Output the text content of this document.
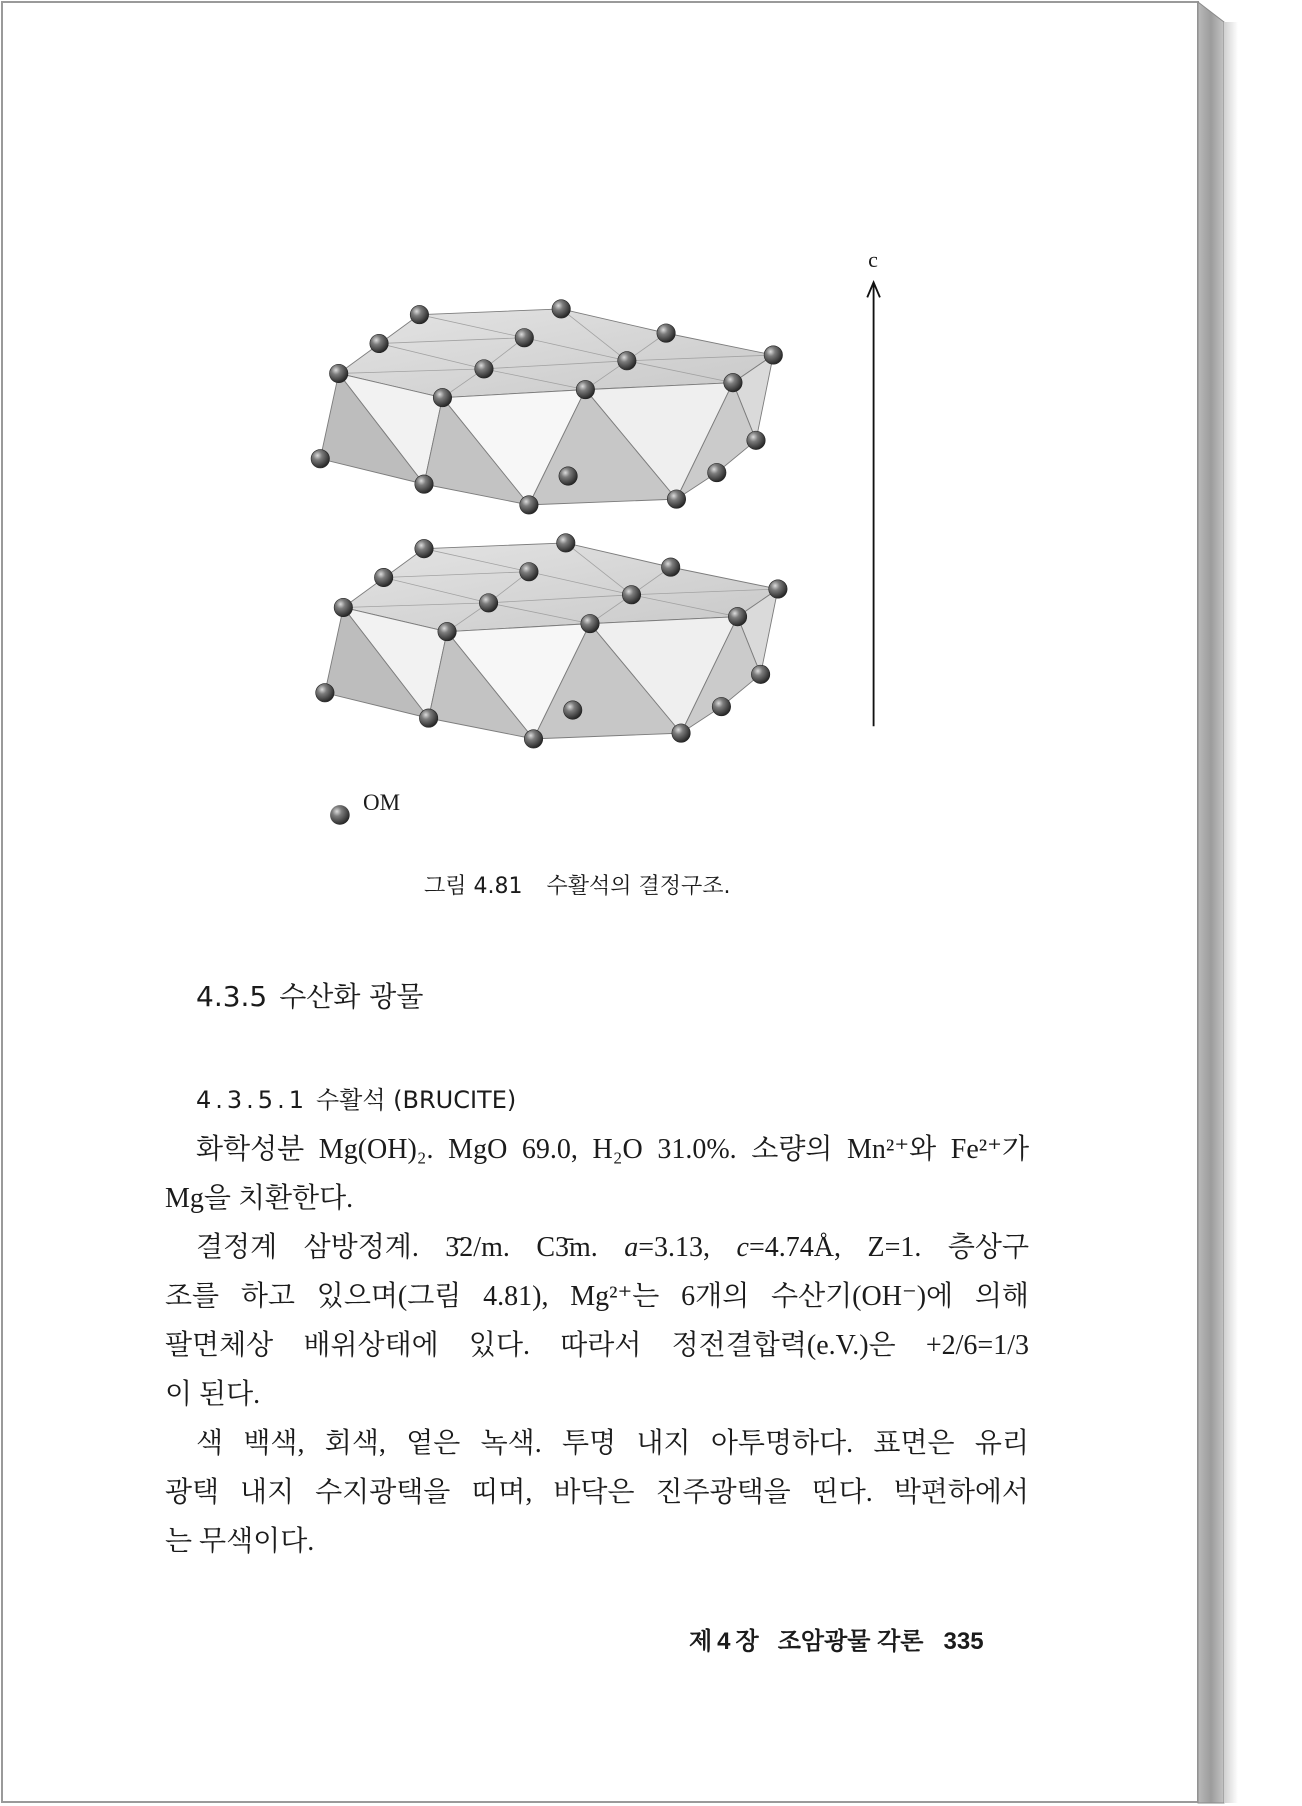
c
OM
그림 4.81 수활석의 결정구조.
4.3.5 수산화 광물
4.3.5.1 수활석 (BRUCITE)
화학성분 Mg(OH)₂. MgO 69.0, H₂O 31.0%. 소량의 Mn²⁺와 Fe²⁺가
Mg을 치환한다.
결정계 삼방정계. 3̄2/m. C3̄m. a=3.13, c=4.74Å, Z=1. 층상구
조를 하고 있으며(그림 4.81), Mg²⁺는 6개의 수산기(OH⁻)에 의해
팔면체상 배위상태에 있다. 따라서 정전결합력(e.V.)은 +2/6=1/3
이 된다.
색 백색, 회색, 옅은 녹색. 투명 내지 아투명하다. 표면은 유리
광택 내지 수지광택을 띠며, 바닥은 진주광택을 띤다. 박편하에서
는 무색이다.
제4장 조암광물 각론 335
